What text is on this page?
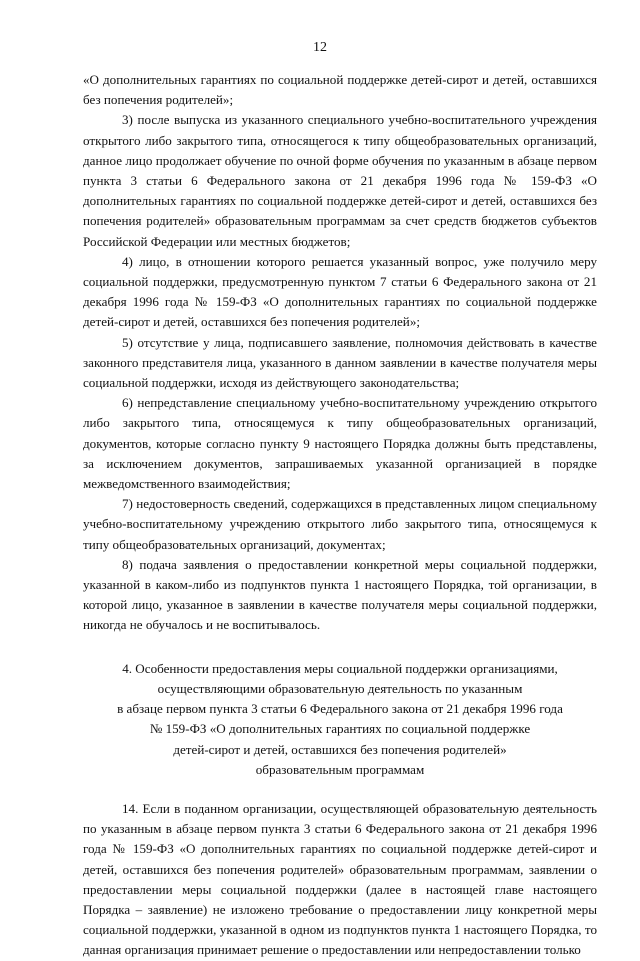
12

«О дополнительных гарантиях по социальной поддержке детей-сирот и детей, оставшихся без попечения родителей»;

3) после выпуска из указанного специального учебно-воспитательного учреждения открытого либо закрытого типа, относящегося к типу общеобразовательных организаций, данное лицо продолжает обучение по очной форме обучения по указанным в абзаце первом пункта 3 статьи 6 Федерального закона от 21 декабря 1996 года № 159-ФЗ «О дополнительных гарантиях по социальной поддержке детей-сирот и детей, оставшихся без попечения родителей» образовательным программам за счет средств бюджетов субъектов Российской Федерации или местных бюджетов;

4) лицо, в отношении которого решается указанный вопрос, уже получило меру социальной поддержки, предусмотренную пунктом 7 статьи 6 Федерального закона от 21 декабря 1996 года № 159-ФЗ «О дополнительных гарантиях по социальной поддержке детей-сирот и детей, оставшихся без попечения родителей»;

5) отсутствие у лица, подписавшего заявление, полномочия действовать в качестве законного представителя лица, указанного в данном заявлении в качестве получателя меры социальной поддержки, исходя из действующего законодательства;

6) непредставление специальному учебно-воспитательному учреждению открытого либо закрытого типа, относящемуся к типу общеобразовательных организаций, документов, которые согласно пункту 9 настоящего Порядка должны быть представлены, за исключением документов, запрашиваемых указанной организацией в порядке межведомственного взаимодействия;

7) недостоверность сведений, содержащихся в представленных лицом специальному учебно-воспитательному учреждению открытого либо закрытого типа, относящемуся к типу общеобразовательных организаций, документах;

8) подача заявления о предоставлении конкретной меры социальной поддержки, указанной в каком-либо из подпунктов пункта 1 настоящего Порядка, той организации, в которой лицо, указанное в заявлении в качестве получателя меры социальной поддержки, никогда не обучалось и не воспитывалось.

4. Особенности предоставления меры социальной поддержки организациями,
осуществляющими образовательную деятельность по указанным
в абзаце первом пункта 3 статьи 6 Федерального закона от 21 декабря 1996 года
№ 159-ФЗ «О дополнительных гарантиях по социальной поддержке
детей-сирот и детей, оставшихся без попечения родителей»
образовательным программам

14. Если в поданном организации, осуществляющей образовательную деятельность по указанным в абзаце первом пункта 3 статьи 6 Федерального закона от 21 декабря 1996 года № 159-ФЗ «О дополнительных гарантиях по социальной поддержке детей-сирот и детей, оставшихся без попечения родителей» образовательным программам, заявлении о предоставлении меры социальной поддержки (далее в настоящей главе настоящего Порядка – заявление) не изложено требование о предоставлении лицу конкретной меры социальной поддержки, указанной в одном из подпунктов пункта 1 настоящего Порядка, то данная организация принимает решение о предоставлении или непредоставлении только
